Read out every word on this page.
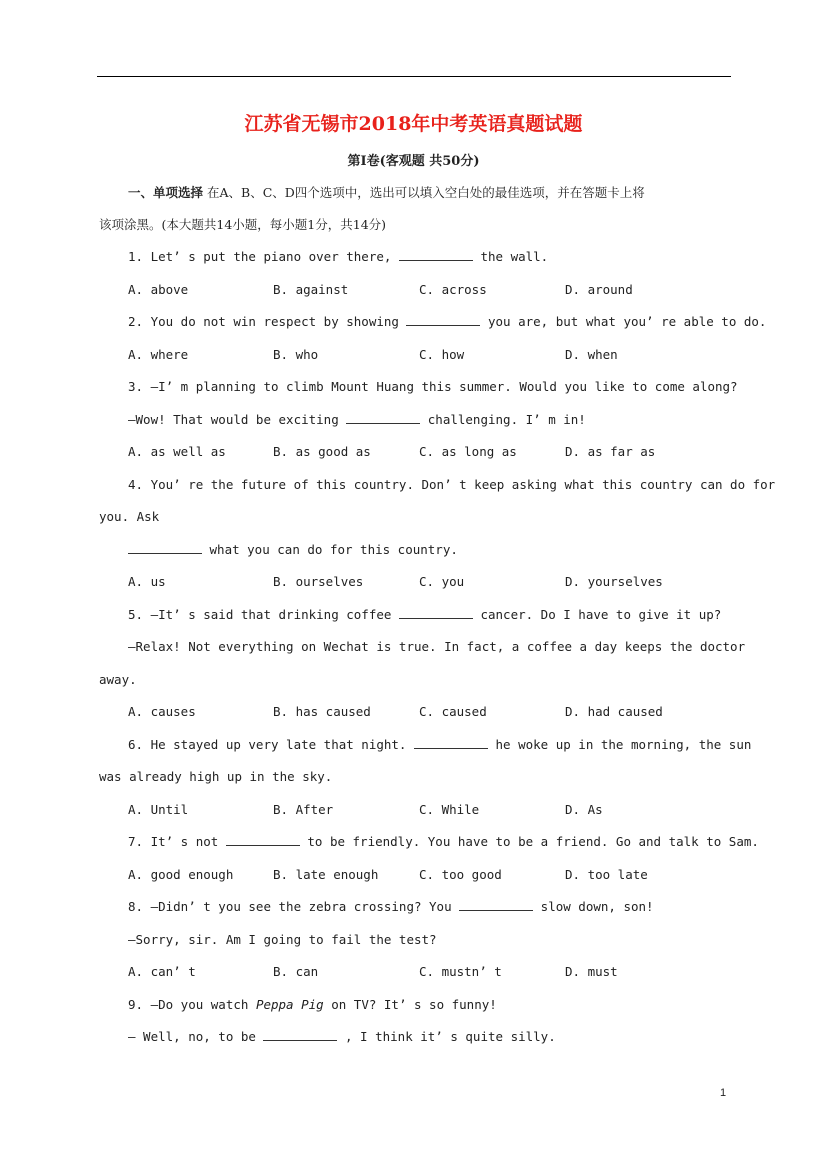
江苏省无锡市2018年中考英语真题试题
第Ⅰ卷(客观题 共50分)
一、单项选择 在A、B、C、D四个选项中，选出可以填入空白处的最佳选项，并在答题卡上将
该项涂黑。(本大题共14小题，每小题1分，共14分)
1. Let’ s put the piano over there,	the wall.
A. above	B. against	C. across	D. around
2. You do not win respect by showing	you are, but what you’ re able to do.
A. where	B. who	C. how	D. when
3. —I’ m planning to climb Mount Huang this summer. Would you like to come along?
—Wow! That would be exciting	challenging. I’ m in!
A. as well as	B. as good as	C. as long as	D. as far as
4. You’ re the future of this country. Don’ t keep asking what this country can do for
you. Ask
what you can do for this country.
A. us	B. ourselves	C. you	D. yourselves
5. —It’ s said that drinking coffee	cancer. Do I have to give it up?
—Relax! Not everything on Wechat is true. In fact, a coffee a day keeps the doctor
away.
A. causes	B. has caused	C. caused	D. had caused
6. He stayed up very late that night.	he woke up in the morning, the sun
was already high up in the sky.
A. Until	B. After	C. While	D. As
7. It’ s not	to be friendly. You have to be a friend. Go and talk to Sam.
A. good enough	B. late enough	C. too good	D. too late
8. —Didn’ t you see the zebra crossing? You	slow down, son!
—Sorry, sir. Am I going to fail the test?
A. can’ t	B. can	C. mustn’ t	D. must
9. —Do you watch Peppa Pig on TV? It’ s so funny!
— Well, no, to be	, I think it’ s quite silly.
1
